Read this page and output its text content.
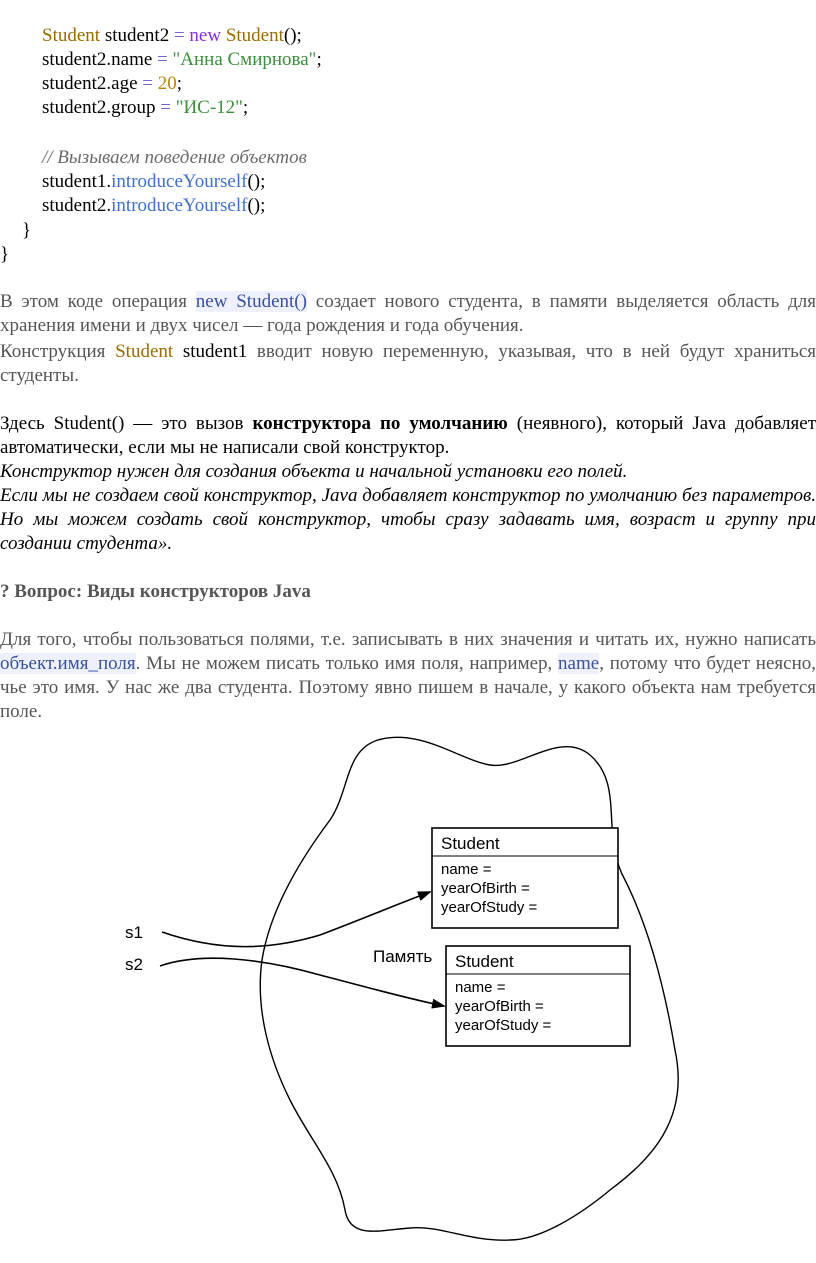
Student student2 = new Student();
student2.name = "Анна Смирнова";
student2.age = 20;
student2.group = "ИС-12";
// Вызываем поведение объектов
student1.introduceYourself();
student2.introduceYourself();
}
}
В этом коде операция new Student() создает нового студента, в памяти выделяется область для хранения имени и двух чисел — года рождения и года обучения.
Конструкция Student student1 вводит новую переменную, указывая, что в ней будут храниться студенты.
Здесь Student() — это вызов конструктора по умолчанию (неявного), который Java добавляет автоматически, если мы не написали свой конструктор.
Конструктор нужен для создания объекта и начальной установки его полей.
Если мы не создаем свой конструктор, Java добавляет конструктор по умолчанию без параметров. Но мы можем создать свой конструктор, чтобы сразу задавать имя, возраст и группу при создании студента».
? Вопрос: Виды конструкторов Java
Для того, чтобы пользоваться полями, т.е. записывать в них значения и читать их, нужно написать объект.имя_поля. Мы не можем писать только имя поля, например, name, потому что будет неясно, чье это имя. У нас же два студента. Поэтому явно пишем в начале, у какого объекта нам требуется поле.
Student
name =
yearOfBirth =
yearOfStudy =
Student
name =
yearOfBirth =
yearOfStudy =
s1
s2	Память
